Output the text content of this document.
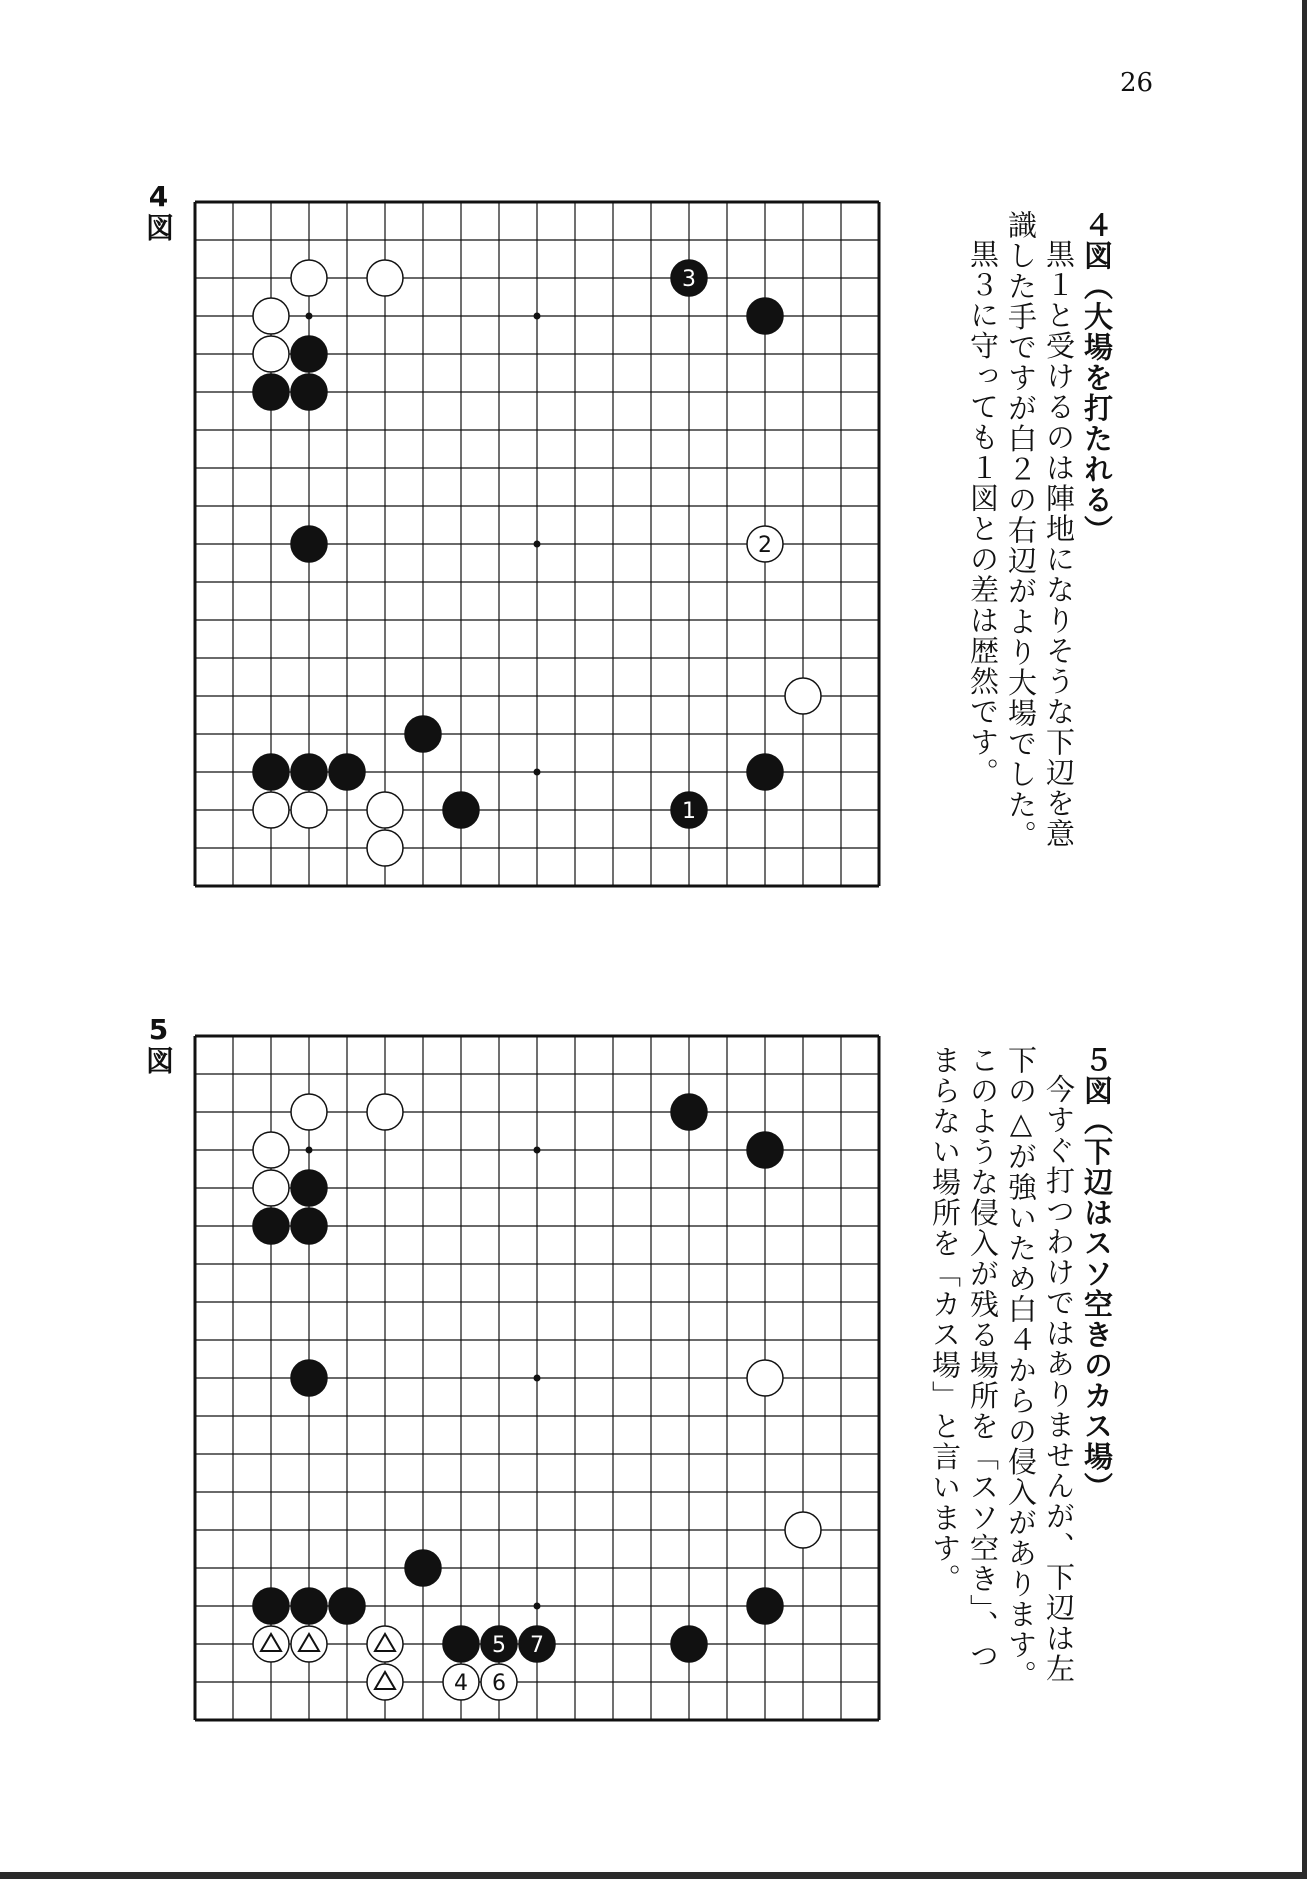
26
4図
3
2
1
４図（大場を打たれる）
黒１と受けるのは陣地になりそうな下辺を意
識した手ですが白２の右辺がより大場でした。
黒３に守っても１図との差は歴然です。
5図
5 7
4 6
５図（下辺はスソ空きのカス場）
今すぐ打つわけではありませんが、下辺は左
下の△が強いため白４からの侵入があります。
このような侵入が残る場所を「スソ空き」、つ
まらない場所を「カス場」と言います。
